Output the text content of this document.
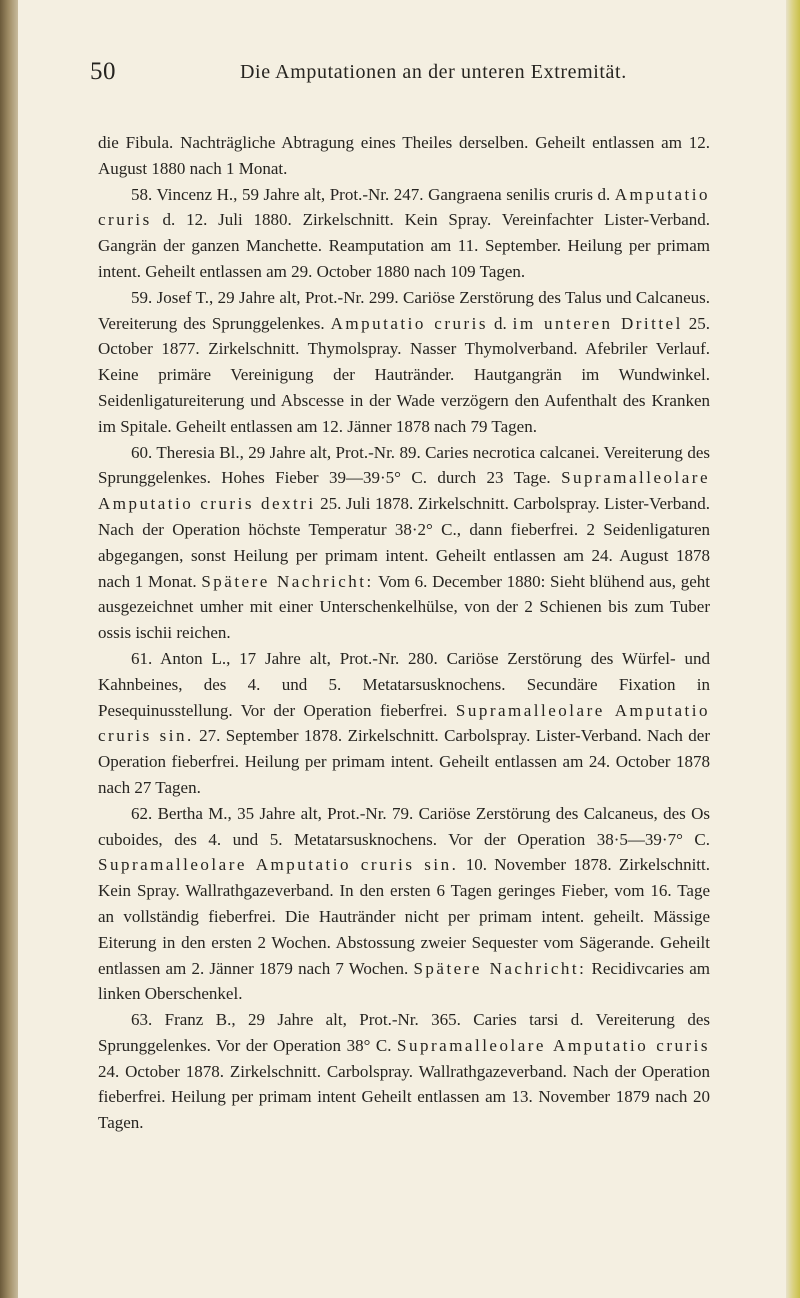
50	Die Amputationen an der unteren Extremität.

die Fibula. Nachträgliche Abtragung eines Theiles derselben. Geheilt entlassen am 12. August 1880 nach 1 Monat.

58. Vincenz H., 59 Jahre alt, Prot.-Nr. 247. Gangraena senilis cruris d. Amputatio cruris d. 12. Juli 1880. Zirkelschnitt. Kein Spray. Vereinfachter Lister-Verband. Gangrän der ganzen Manchette. Reamputation am 11. September. Heilung per primam intent. Geheilt entlassen am 29. October 1880 nach 109 Tagen.

59. Josef T., 29 Jahre alt, Prot.-Nr. 299. Cariöse Zerstörung des Talus und Calcaneus. Vereiterung des Sprunggelenkes. Amputatio cruris d. im unteren Drittel 25. October 1877. Zirkelschnitt. Thymolspray. Nasser Thymolverband. Afebriler Verlauf. Keine primäre Vereinigung der Hautränder. Hautgangrän im Wundwinkel. Seidenligatureiterung und Abscesse in der Wade verzögern den Aufenthalt des Kranken im Spitale. Geheilt entlassen am 12. Jänner 1878 nach 79 Tagen.

60. Theresia Bl., 29 Jahre alt, Prot.-Nr. 89. Caries necrotica calcanei. Vereiterung des Sprunggelenkes. Hohes Fieber 39—39·5° C. durch 23 Tage. Supramalleolare Amputatio cruris dextri 25. Juli 1878. Zirkelschnitt. Carbolspray. Lister-Verband. Nach der Operation höchste Temperatur 38·2° C., dann fieberfrei. 2 Seidenligaturen abgegangen, sonst Heilung per primam intent. Geheilt entlassen am 24. August 1878 nach 1 Monat. Spätere Nachricht: Vom 6. December 1880: Sieht blühend aus, geht ausgezeichnet umher mit einer Unterschenkelhülse, von der 2 Schienen bis zum Tuber ossis ischii reichen.

61. Anton L., 17 Jahre alt, Prot.-Nr. 280. Cariöse Zerstörung des Würfel- und Kahnbeines, des 4. und 5. Metatarsusknochens. Secundäre Fixation in Pesequinusstellung. Vor der Operation fieberfrei. Supramalleolare Amputatio cruris sin. 27. September 1878. Zirkelschnitt. Carbolspray. Lister-Verband. Nach der Operation fieberfrei. Heilung per primam intent. Geheilt entlassen am 24. October 1878 nach 27 Tagen.

62. Bertha M., 35 Jahre alt, Prot.-Nr. 79. Cariöse Zerstörung des Calcaneus, des Os cuboides, des 4. und 5. Metatarsusknochens. Vor der Operation 38·5—39·7° C. Supramalleolare Amputatio cruris sin. 10. November 1878. Zirkelschnitt. Kein Spray. Wallrathgazeverband. In den ersten 6 Tagen geringes Fieber, vom 16. Tage an vollständig fieberfrei. Die Hautränder nicht per primam intent. geheilt. Mässige Eiterung in den ersten 2 Wochen. Abstossung zweier Sequester vom Sägerande. Geheilt entlassen am 2. Jänner 1879 nach 7 Wochen. Spätere Nachricht: Recidivcaries am linken Oberschenkel.

63. Franz B., 29 Jahre alt, Prot.-Nr. 365. Caries tarsi d. Vereiterung des Sprunggelenkes. Vor der Operation 38° C. Supramalleolare Amputatio cruris 24. October 1878. Zirkelschnitt. Carbolspray. Wallrathgazeverband. Nach der Operation fieberfrei. Heilung per primam intent Geheilt entlassen am 13. November 1879 nach 20 Tagen.
